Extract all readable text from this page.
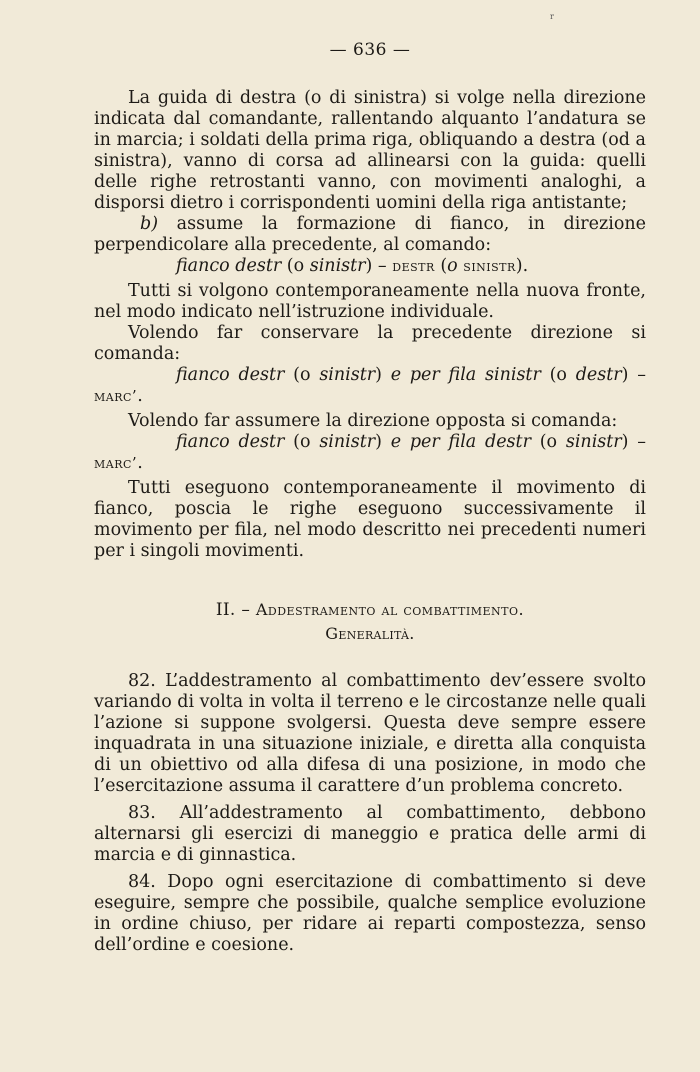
r
— 636 —

La guida di destra (o di sinistra) si volge nella direzione indicata dal comandante, rallentando alquanto l’andatura se in marcia; i soldati della prima riga, obliquando a destra (od a sinistra), vanno di corsa ad allinearsi con la guida: quelli delle righe retrostanti vanno, con movimenti analoghi, a disporsi dietro i corrispondenti uomini della riga antistante;

b) assume la formazione di fianco, in direzione perpendicolare alla precedente, al comando:

fianco destr (o sinistr) – destr (o sinistr).

Tutti si volgono contemporaneamente nella nuova fronte, nel modo indicato nell’istruzione individuale.

Volendo far conservare la precedente direzione si comanda:

fianco destr (o sinistr) e per fila sinistr (o destr) – marc’.

Volendo far assumere la direzione opposta si comanda:

fianco destr (o sinistr) e per fila destr (o sinistr) – marc’.

Tutti eseguono contemporaneamente il movimento di fianco, poscia le righe eseguono successivamente il movimento per fila, nel modo descritto nei precedenti numeri per i singoli movimenti.

II. – Addestramento al combattimento.
Generalità.

82. L’addestramento al combattimento dev’essere svolto variando di volta in volta il terreno e le circostanze nelle quali l’azione si suppone svolgersi. Questa deve sempre essere inquadrata in una situazione iniziale, e diretta alla conquista di un obiettivo od alla difesa di una posizione, in modo che l’esercitazione assuma il carattere d’un problema concreto.

83. All’addestramento al combattimento, debbono alternarsi gli esercizi di maneggio e pratica delle armi di marcia e di ginnastica.

84. Dopo ogni esercitazione di combattimento si deve eseguire, sempre che possibile, qualche semplice evoluzione in ordine chiuso, per ridare ai reparti compostezza, senso dell’ordine e coesione.
